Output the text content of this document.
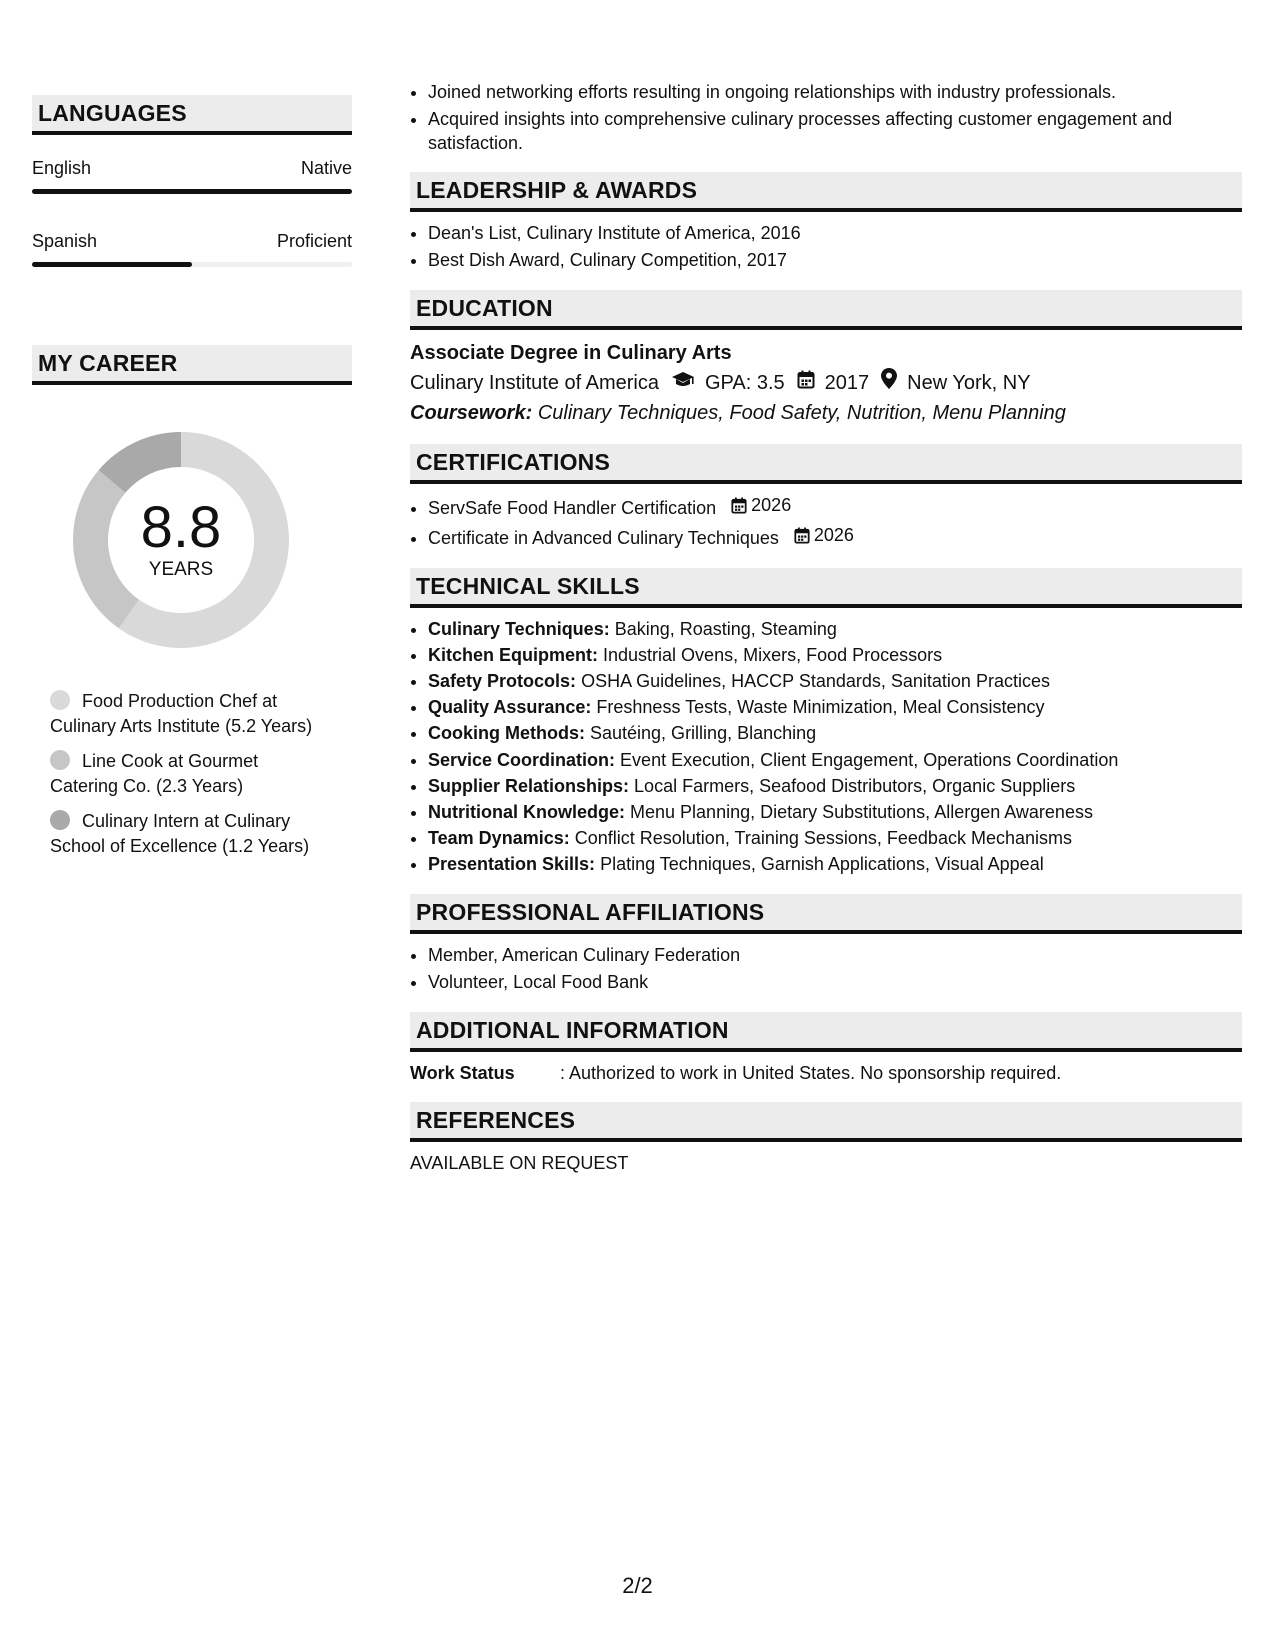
LANGUAGES
English	Native
Spanish	Proficient
MY CAREER
8.8
YEARS
Food Production Chef at Culinary Arts Institute (5.2 Years)
Line Cook at Gourmet Catering Co. (2.3 Years)
Culinary Intern at Culinary School of Excellence (1.2 Years)
• Joined networking efforts resulting in ongoing relationships with industry professionals.
• Acquired insights into comprehensive culinary processes affecting customer engagement and satisfaction.
LEADERSHIP & AWARDS
• Dean's List, Culinary Institute of America, 2016
• Best Dish Award, Culinary Competition, 2017
EDUCATION
Associate Degree in Culinary Arts
Culinary Institute of America GPA: 3.5 2017 New York, NY
Coursework: Culinary Techniques, Food Safety, Nutrition, Menu Planning
CERTIFICATIONS
• ServSafe Food Handler Certification 2026
• Certificate in Advanced Culinary Techniques 2026
TECHNICAL SKILLS
• Culinary Techniques: Baking, Roasting, Steaming
• Kitchen Equipment: Industrial Ovens, Mixers, Food Processors
• Safety Protocols: OSHA Guidelines, HACCP Standards, Sanitation Practices
• Quality Assurance: Freshness Tests, Waste Minimization, Meal Consistency
• Cooking Methods: Sautéing, Grilling, Blanching
• Service Coordination: Event Execution, Client Engagement, Operations Coordination
• Supplier Relationships: Local Farmers, Seafood Distributors, Organic Suppliers
• Nutritional Knowledge: Menu Planning, Dietary Substitutions, Allergen Awareness
• Team Dynamics: Conflict Resolution, Training Sessions, Feedback Mechanisms
• Presentation Skills: Plating Techniques, Garnish Applications, Visual Appeal
PROFESSIONAL AFFILIATIONS
• Member, American Culinary Federation
• Volunteer, Local Food Bank
ADDITIONAL INFORMATION
Work Status	: Authorized to work in United States. No sponsorship required.
REFERENCES
AVAILABLE ON REQUEST
2/2
